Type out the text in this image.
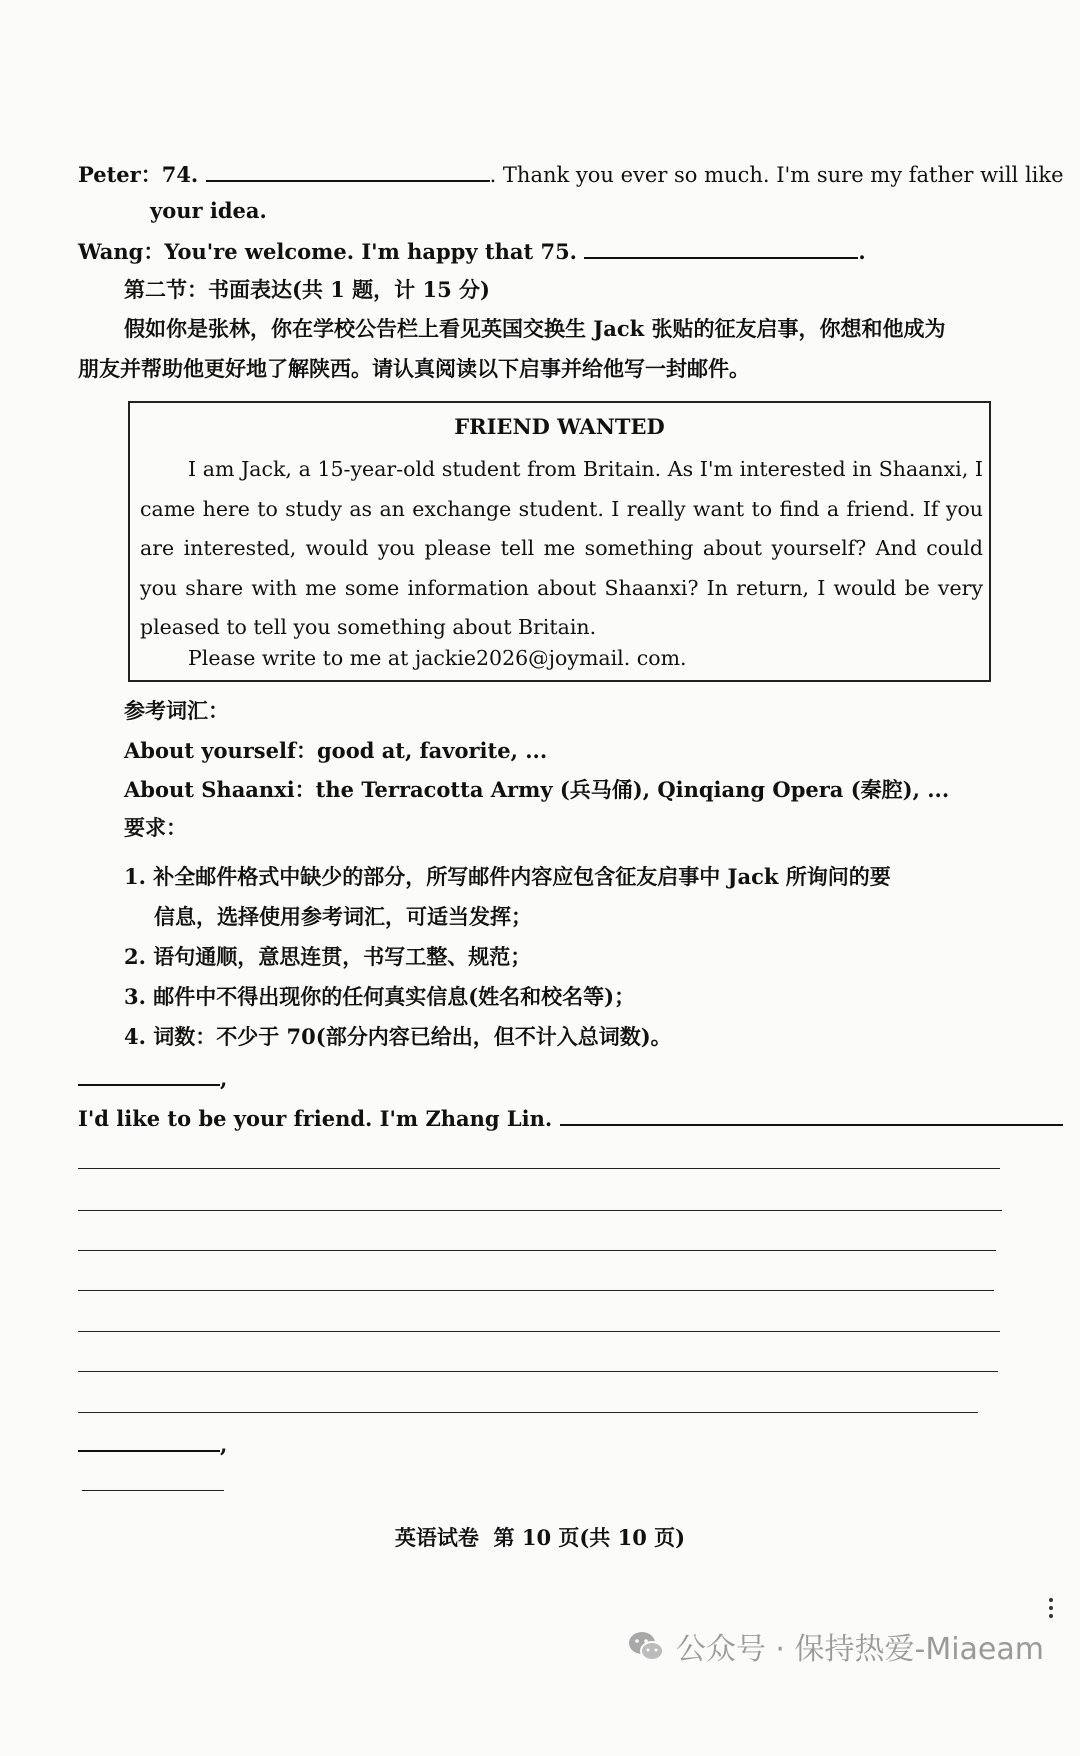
Peter：74.	. Thank you ever so much. I'm sure my father will like
your idea.
Wang：You're welcome. I'm happy that 75.	.
第二节：书面表达(共 1 题，计 15 分)
假如你是张林，你在学校公告栏上看见英国交换生 Jack 张贴的征友启事，你想和他成为
朋友并帮助他更好地了解陕西。请认真阅读以下启事并给他写一封邮件。
FRIEND WANTED
I am Jack, a 15-year-old student from Britain. As I'm interested in Shaanxi, I came here to study as an exchange student. I really want to find a friend. If you are interested, would you please tell me something about yourself? And could you share with me some information about Shaanxi? In return, I would be very pleased to tell you something about Britain.
Please write to me at jackie2026@joymail. com.
参考词汇：
About yourself：good at, favorite, ...
About Shaanxi：the Terracotta Army (兵马俑), Qinqiang Opera (秦腔), ...
要求：
1. 补全邮件格式中缺少的部分，所写邮件内容应包含征友启事中 Jack 所询问的要
信息，选择使用参考词汇，可适当发挥；
2. 语句通顺，意思连贯，书写工整、规范；
3. 邮件中不得出现你的任何真实信息(姓名和校名等)；
4. 词数：不少于 70(部分内容已给出，但不计入总词数)。
,
I'd like to be your friend. I'm Zhang Lin.
,
英语试卷 第 10 页(共 10 页)
公众号 · 保持热爱-Miaeam
